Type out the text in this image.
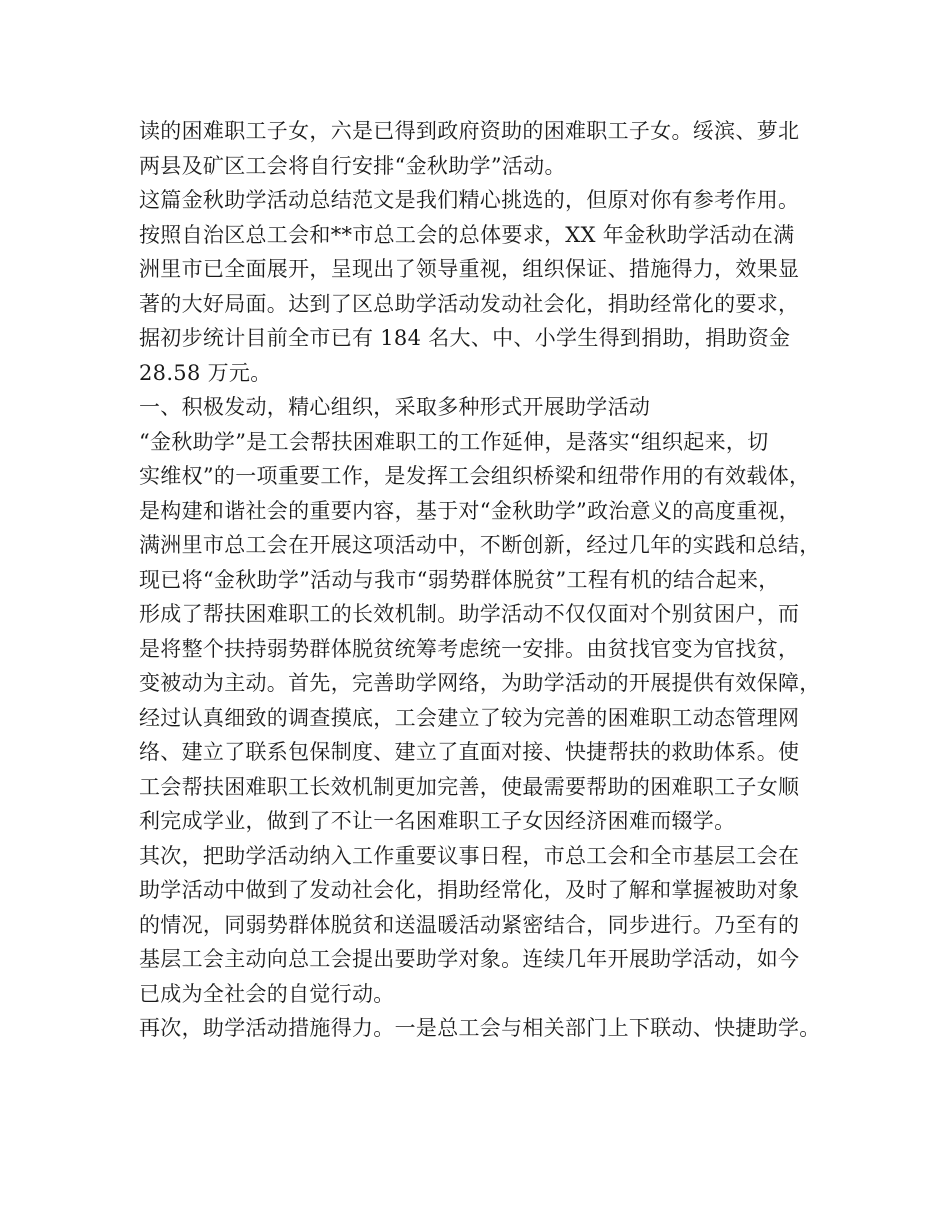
读的困难职工子女，六是已得到政府资助的困难职工子女。绥滨、萝北
两县及矿区工会将自行安排“金秋助学”活动。
这篇金秋助学活动总结范文是我们精心挑选的，但原对你有参考作用。
按照自治区总工会和**市总工会的总体要求，XX 年金秋助学活动在满
洲里市已全面展开，呈现出了领导重视，组织保证、措施得力，效果显
著的大好局面。达到了区总助学活动发动社会化，捐助经常化的要求，
据初步统计目前全市已有 184 名大、中、小学生得到捐助，捐助资金
28.58 万元。
一、积极发动，精心组织，采取多种形式开展助学活动
“金秋助学”是工会帮扶困难职工的工作延伸，是落实“组织起来，切
实维权”的一项重要工作，是发挥工会组织桥梁和纽带作用的有效载体，
是构建和谐社会的重要内容，基于对“金秋助学”政治意义的高度重视，
满洲里市总工会在开展这项活动中，不断创新，经过几年的实践和总结，
现已将“金秋助学”活动与我市“弱势群体脱贫”工程有机的结合起来，
形成了帮扶困难职工的长效机制。助学活动不仅仅面对个别贫困户，而
是将整个扶持弱势群体脱贫统筹考虑统一安排。由贫找官变为官找贫，
变被动为主动。首先，完善助学网络，为助学活动的开展提供有效保障，
经过认真细致的调查摸底，工会建立了较为完善的困难职工动态管理网
络、建立了联系包保制度、建立了直面对接、快捷帮扶的救助体系。使
工会帮扶困难职工长效机制更加完善，使最需要帮助的困难职工子女顺
利完成学业，做到了不让一名困难职工子女因经济困难而辍学。
其次，把助学活动纳入工作重要议事日程，市总工会和全市基层工会在
助学活动中做到了发动社会化，捐助经常化，及时了解和掌握被助对象
的情况，同弱势群体脱贫和送温暖活动紧密结合，同步进行。乃至有的
基层工会主动向总工会提出要助学对象。连续几年开展助学活动，如今
已成为全社会的自觉行动。
再次，助学活动措施得力。一是总工会与相关部门上下联动、快捷助学。
